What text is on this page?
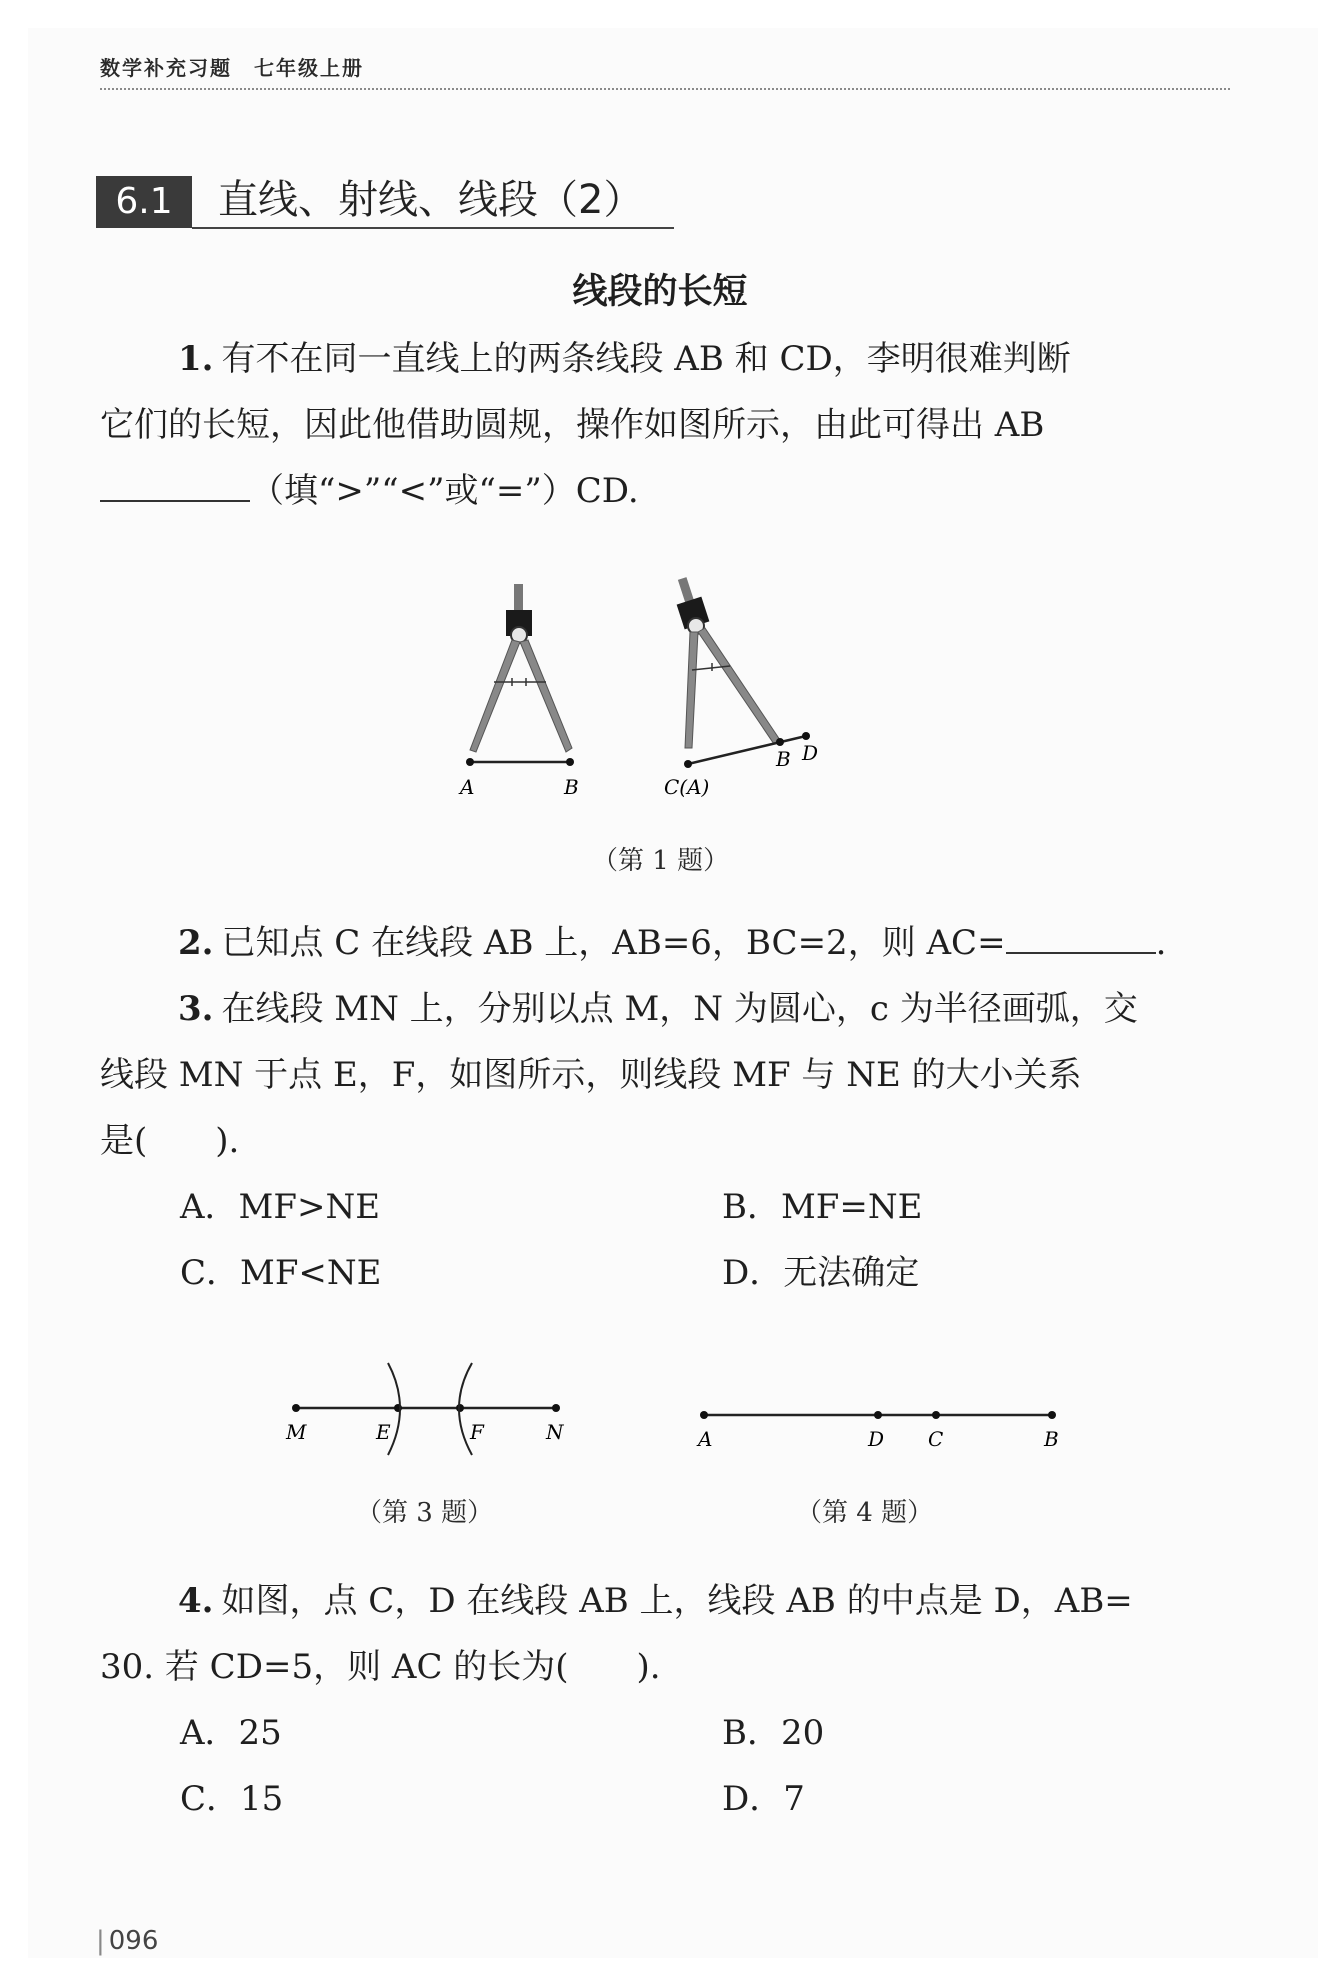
数学补充习题　七年级上册
6.1	直线、射线、线段（2）
线段的长短
1. 有不在同一直线上的两条线段 AB 和 CD，李明很难判断
它们的长短，因此他借助圆规，操作如图所示，由此可得出 AB
（填“>”“<”或“=”）CD.
A	B	C(A)
B D
（第 1 题）
2. 已知点 C 在线段 AB 上，AB=6，BC=2，则 AC=	.
3. 在线段 MN 上，分别以点 M，N 为圆心，c 为半径画弧，交
线段 MN 于点 E，F，如图所示，则线段 MF 与 NE 的大小关系
是(　　).
A．MF>NE	B．MF=NE
C．MF<NE	D．无法确定
M	E	F	N
（第 3 题）
A	D C	B
（第 4 题）
4. 如图，点 C，D 在线段 AB 上，线段 AB 的中点是 D，AB=
30. 若 CD=5，则 AC 的长为(　　).
A．25	B．20
C．15	D．7
| 096
